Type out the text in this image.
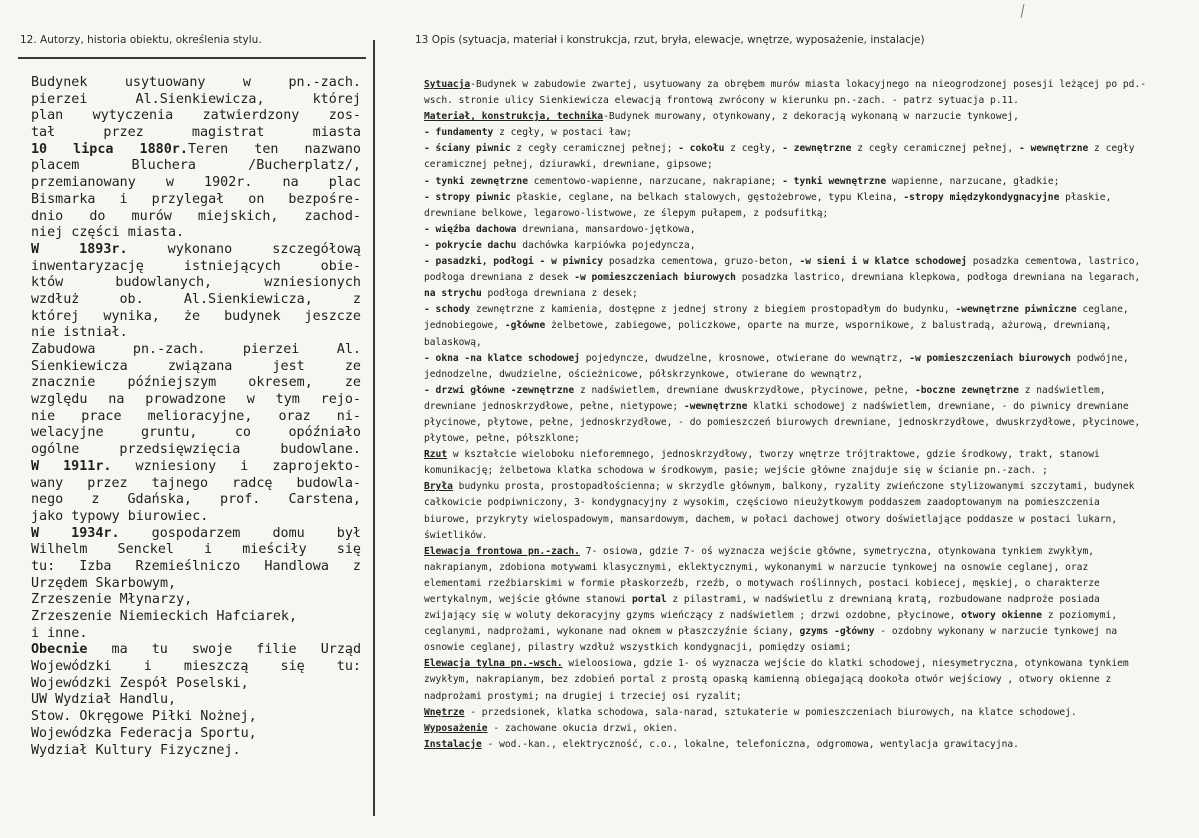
12. Autorzy, historia obiektu, określenia stylu.	13 Opis (sytuacja, materiał i konstrukcja, rzut, bryła, elewacje, wnętrze, wyposażenie, instalacje)
Budynek usytuowany w pn.-zach.
pierzei Al.Sienkiewicza, której
plan wytyczenia zatwierdzony zos-
tał przez magistrat miasta
10 lipca 1880r.Teren ten nazwano
placem Bluchera /Bucherplatz/,
przemianowany w 1902r. na plac
Bismarka i przylegał on bezpośre-
dnio do murów miejskich, zachod-
niej części miasta.
W 1893r. wykonano szczegółową
inwentaryzację istniejących obie-
któw budowlanych, wzniesionych
wzdłuż ob. Al.Sienkiewicza, z
której wynika, że budynek jeszcze
nie istniał.
Zabudowa pn.-zach. pierzei Al.
Sienkiewicza związana jest ze
znacznie późniejszym okresem, ze
względu na prowadzone w tym rejo-
nie prace melioracyjne, oraz ni-
welacyjne gruntu, co opóźniało
ogólne przedsięwzięcia budowlane.
W 1911r. wzniesiony i zaprojekto-
wany przez tajnego radcę budowla-
nego z Gdańska, prof. Carstena,
jako typowy biurowiec.
W 1934r. gospodarzem domu był
Wilhelm Senckel i mieściły się
tu: Izba Rzemieślniczo Handlowa z
Urzędem Skarbowym,
Zrzeszenie Młynarzy,
Zrzeszenie Niemieckich Hafciarek,
i inne.
Obecnie ma tu swoje filie Urząd
Wojewódzki i mieszczą się tu:
Wojewódzki Zespół Poselski,
UW Wydział Handlu,
Stow. Okręgowe Piłki Nożnej,
Wojewódzka Federacja Sportu,
Wydział Kultury Fizycznej.
Sytuacja-Budynek w zabudowie zwartej, usytuowany za obrębem murów miasta lokacyjnego na nieogrodzonej posesji leżącej po pd.-
wsch. stronie ulicy Sienkiewicza elewacją frontową zwrócony w kierunku pn.-zach. - patrz sytuacja p.11.
Materiał, konstrukcja, technika-Budynek murowany, otynkowany, z dekoracją wykonaną w narzucie tynkowej,
- fundamenty z cegły, w postaci ław;
- ściany piwnic z cegły ceramicznej pełnej; - cokołu z cegły, - zewnętrzne z cegły ceramicznej pełnej, - wewnętrzne z cegły
ceramicznej pełnej, dziurawki, drewniane, gipsowe;
- tynki zewnętrzne cementowo-wapienne, narzucane, nakrapiane; - tynki wewnętrzne wapienne, narzucane, gładkie;
- stropy piwnic płaskie, ceglane, na belkach stalowych, gęstożebrowe, typu Kleina, -stropy międzykondygnacyjne płaskie,
drewniane belkowe, legarowo-listwowe, ze ślepym pułapem, z podsufitką;
- więźba dachowa drewniana, mansardowo-jętkowa,
- pokrycie dachu dachówka karpiówka pojedyncza,
- pasadzki, podłogi - w piwnicy posadzka cementowa, gruzo-beton, -w sieni i w klatce schodowej posadzka cementowa, lastrico,
podłoga drewniana z desek -w pomieszczeniach biurowych posadzka lastrico, drewniana klepkowa, podłoga drewniana na legarach,
na strychu podłoga drewniana z desek;
- schody zewnętrzne z kamienia, dostępne z jednej strony z biegiem prostopadłym do budynku, -wewnętrzne piwniczne ceglane,
jednobiegowe, -główne żelbetowe, zabiegowe, policzkowe, oparte na murze, wspornikowe, z balustradą, ażurową, drewnianą,
balaskową,
- okna -na klatce schodowej pojedyncze, dwudzelne, krosnowe, otwierane do wewnątrz, -w pomieszczeniach biurowych podwójne,
jednodzelne, dwudzielne, ościeżnicowe, półskrzynkowe, otwierane do wewnątrz,
- drzwi główne -zewnętrzne z nadświetlem, drewniane dwuskrzydłowe, płycinowe, pełne, -boczne zewnętrzne z nadświetlem,
drewniane jednoskrzydłowe, pełne, nietypowe; -wewnętrzne klatki schodowej z nadświetlem, drewniane, - do piwnicy drewniane
płycinowe, płytowe, pełne, jednoskrzydłowe, - do pomieszczeń biurowych drewniane, jednoskrzydłowe, dwuskrzydłowe, płycinowe,
płytowe, pełne, półszklone;
Rzut w kształcie wieloboku nieforemnego, jednoskrzydłowy, tworzy wnętrze trójtraktowe, gdzie środkowy, trakt, stanowi
komunikację; żelbetowa klatka schodowa w środkowym, pasie; wejście główne znajduje się w ścianie pn.-zach. ;
Bryła budynku prosta, prostopadłościenna; w skrzydle głównym, balkony, ryzality zwieńczone stylizowanymi szczytami, budynek
całkowicie podpiwniczony, 3- kondygnacyjny z wysokim, częściowo nieużytkowym poddaszem zaadoptowanym na pomieszczenia
biurowe, przykryty wielospadowym, mansardowym, dachem, w połaci dachowej otwory doświetlające poddasze w postaci lukarn,
świetlików.
Elewacja frontowa pn.-zach. 7- osiowa, gdzie 7- oś wyznacza wejście główne, symetryczna, otynkowana tynkiem zwykłym,
nakrapianym, zdobiona motywami klasycznymi, eklektycznymi, wykonanymi w narzucie tynkowej na osnowie ceglanej, oraz
elementami rzeźbiarskimi w formie płaskorzeźb, rzeźb, o motywach roślinnych, postaci kobiecej, męskiej, o charakterze
wertykalnym, wejście główne stanowi portal z pilastrami, w nadświetlu z drewnianą kratą, rozbudowane nadproże posiada
zwijający się w woluty dekoracyjny gzyms wieńczący z nadświetlem ; drzwi ozdobne, płycinowe, otwory okienne z poziomymi,
ceglanymi, nadprożami, wykonane nad oknem w płaszczyźnie ściany, gzyms -główny - ozdobny wykonany w narzucie tynkowej na
osnowie ceglanej, pilastry wzdłuż wszystkich kondygnacji, pomiędzy osiami;
Elewacja tylna pn.-wsch. wieloosiowa, gdzie 1- oś wyznacza wejście do klatki schodowej, niesymetryczna, otynkowana tynkiem
zwykłym, nakrapianym, bez zdobień portal z prostą opaską kamienną obiegającą dookoła otwór wejściowy , otwory okienne z
nadprożami prostymi; na drugiej i trzeciej osi ryzalit;
Wnętrze - przedsionek, klatka schodowa, sala-narad, sztukaterie w pomieszczeniach biurowych, na klatce schodowej.
Wyposażenie - zachowane okucia drzwi, okien.
Instalacje - wod.-kan., elektryczność, c.o., lokalne, telefoniczna, odgromowa, wentylacja grawitacyjna.
